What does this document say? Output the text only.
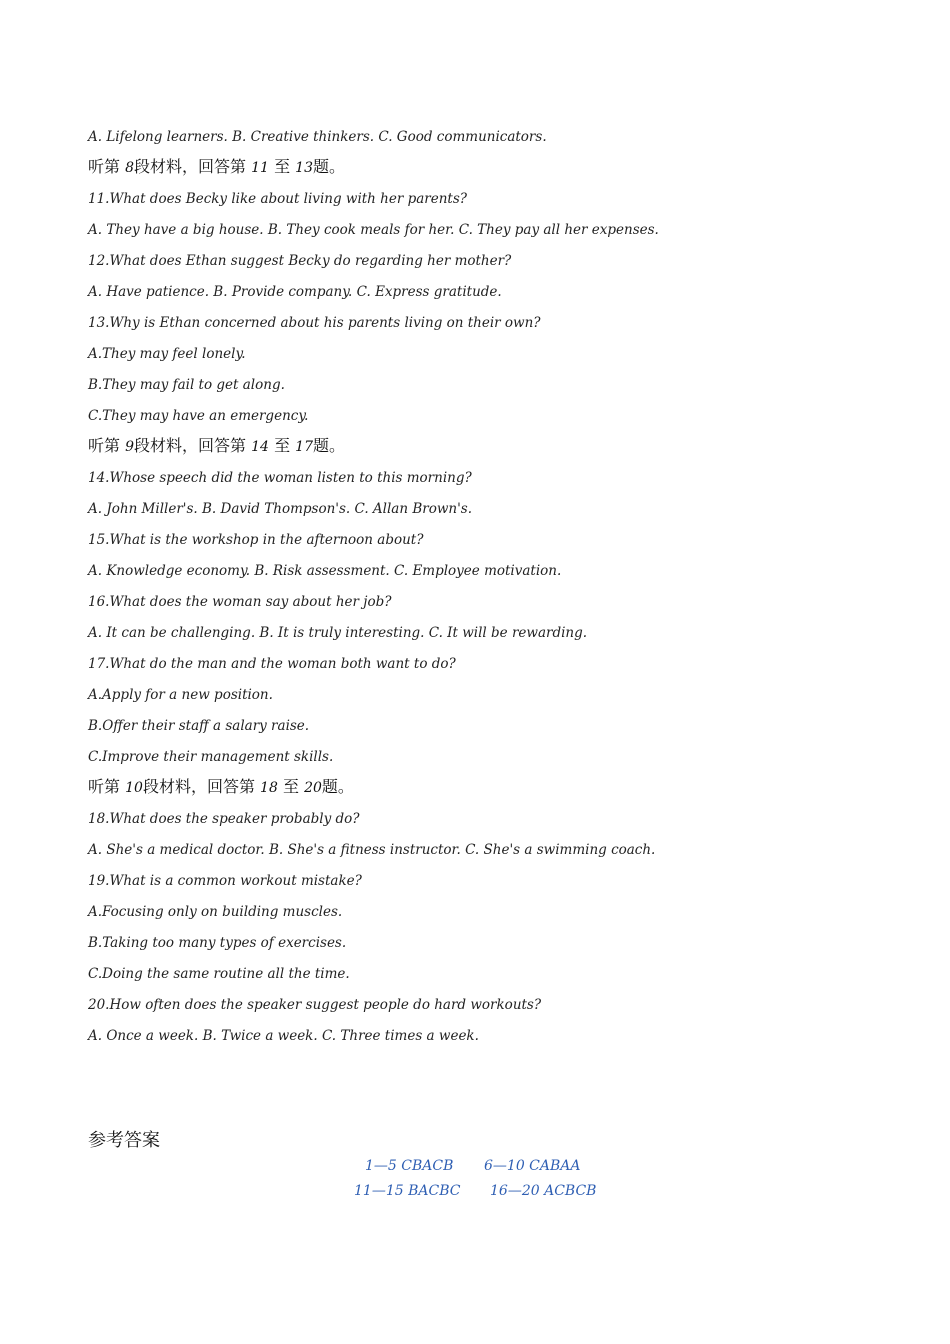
A. Lifelong learners. B. Creative thinkers. C. Good communicators.
听第 8段材料，回答第 11 至 13题。
11.What does Becky like about living with her parents?
A. They have a big house. B. They cook meals for her. C. They pay all her expenses.
12.What does Ethan suggest Becky do regarding her mother?
A. Have patience. B. Provide company. C. Express gratitude.
13.Why is Ethan concerned about his parents living on their own?
A.They may feel lonely.
B.They may fail to get along.
C.They may have an emergency.
听第 9段材料，回答第 14 至 17题。
14.Whose speech did the woman listen to this morning?
A. John Miller's. B. David Thompson's. C. Allan Brown's.
15.What is the workshop in the afternoon about?
A. Knowledge economy. B. Risk assessment. C. Employee motivation.
16.What does the woman say about her job?
A. It can be challenging. B. It is truly interesting. C. It will be rewarding.
17.What do the man and the woman both want to do?
A.Apply for a new position.
B.Offer their staff a salary raise.
C.Improve their management skills.
听第 10段材料，回答第 18 至 20题。
18.What does the speaker probably do?
A. She's a medical doctor. B. She's a fitness instructor. C. She's a swimming coach.
19.What is a common workout mistake?
A.Focusing only on building muscles.
B.Taking too many types of exercises.
C.Doing the same routine all the time.
20.How often does the speaker suggest people do hard workouts?
A. Once a week. B. Twice a week. C. Three times a week.
参考答案
1—5 CBACB 6—10 CABAA
11—15 BACBC 16—20 ACBCB
